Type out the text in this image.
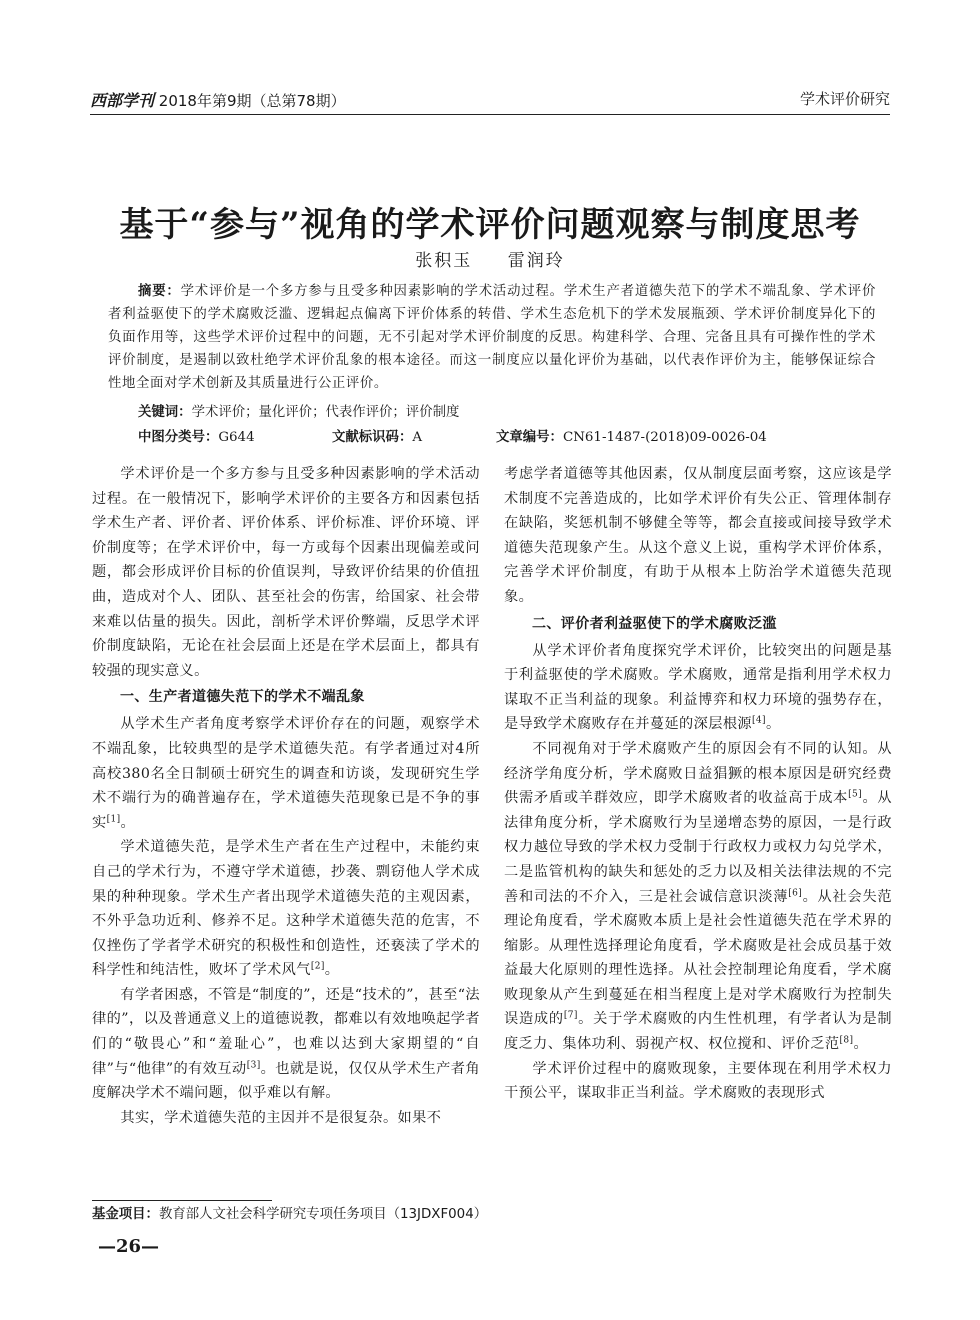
西部学刊 2018年第9期（总第78期）	学术评价研究
基于“参与”视角的学术评价问题观察与制度思考
张积玉 雷润玲
摘要：学术评价是一个多方参与且受多种因素影响的学术活动过程。学术生产者道德失范下的学术不端乱象、学术评价者利益驱使下的学术腐败泛滥、逻辑起点偏离下评价体系的转借、学术生态危机下的学术发展瓶颈、学术评价制度异化下的负面作用等，这些学术评价过程中的问题，无不引起对学术评价制度的反思。构建科学、合理、完备且具有可操作性的学术评价制度，是遏制以致杜绝学术评价乱象的根本途径。而这一制度应以量化评价为基础，以代表作评价为主，能够保证综合性地全面对学术创新及其质量进行公正评价。
关键词：学术评价；量化评价；代表作评价；评价制度
中图分类号：G644	文献标识码：A	文章编号：CN61-1487-(2018)09-0026-04

学术评价是一个多方参与且受多种因素影响的学术活动过程。在一般情况下，影响学术评价的主要各方和因素包括学术生产者、评价者、评价体系、评价标准、评价环境、评价制度等；在学术评价中，每一方或每个因素出现偏差或问题，都会形成评价目标的价值误判，导致评价结果的价值扭曲，造成对个人、团队、甚至社会的伤害，给国家、社会带来难以估量的损失。因此，剖析学术评价弊端，反思学术评价制度缺陷，无论在社会层面上还是在学术层面上，都具有较强的现实意义。

一、生产者道德失范下的学术不端乱象

从学术生产者角度考察学术评价存在的问题，观察学术不端乱象，比较典型的是学术道德失范。有学者通过对4所高校380名全日制硕士研究生的调查和访谈，发现研究生学术不端行为的确普遍存在，学术道德失范现象已是不争的事实[1]。

学术道德失范，是学术生产者在生产过程中，未能约束自己的学术行为，不遵守学术道德，抄袭、剽窃他人学术成果的种种现象。学术生产者出现学术道德失范的主观因素，不外乎急功近利、修养不足。这种学术道德失范的危害，不仅挫伤了学者学术研究的积极性和创造性，还亵渎了学术的科学性和纯洁性，败坏了学术风气[2]。

有学者困惑，不管是“制度的”，还是“技术的”，甚至“法律的”，以及普通意义上的道德说教，都难以有效地唤起学者们的“敬畏心”和“羞耻心”，也难以达到大家期望的“自律”与“他律”的有效互动[3]。也就是说，仅仅从学术生产者角度解决学术不端问题，似乎难以有解。

其实，学术道德失范的主因并不是很复杂。如果不

考虑学者道德等其他因素，仅从制度层面考察，这应该是学术制度不完善造成的，比如学术评价有失公正、管理体制存在缺陷，奖惩机制不够健全等等，都会直接或间接导致学术道德失范现象产生。从这个意义上说，重构学术评价体系，完善学术评价制度，有助于从根本上防治学术道德失范现象。

二、评价者利益驱使下的学术腐败泛滥

从学术评价者角度探究学术评价，比较突出的问题是基于利益驱使的学术腐败。学术腐败，通常是指利用学术权力谋取不正当利益的现象。利益博弈和权力环境的强势存在，是导致学术腐败存在并蔓延的深层根源[4]。

不同视角对于学术腐败产生的原因会有不同的认知。从经济学角度分析，学术腐败日益猖獗的根本原因是研究经费供需矛盾或羊群效应，即学术腐败者的收益高于成本[5]。从法律角度分析，学术腐败行为呈递增态势的原因，一是行政权力越位导致的学术权力受制于行政权力或权力勾兑学术，二是监管机构的缺失和惩处的乏力以及相关法律法规的不完善和司法的不介入，三是社会诚信意识淡薄[6]。从社会失范理论角度看，学术腐败本质上是社会性道德失范在学术界的缩影。从理性选择理论角度看，学术腐败是社会成员基于效益最大化原则的理性选择。从社会控制理论角度看，学术腐败现象从产生到蔓延在相当程度上是对学术腐败行为控制失误造成的[7]。关于学术腐败的内生性机理，有学者认为是制度乏力、集体功利、弱视产权、权位搅和、评价乏范[8]。

学术评价过程中的腐败现象，主要体现在利用学术权力干预公平，谋取非正当利益。学术腐败的表现形式

基金项目：教育部人文社会科学研究专项任务项目（13JDXF004）
—26—
